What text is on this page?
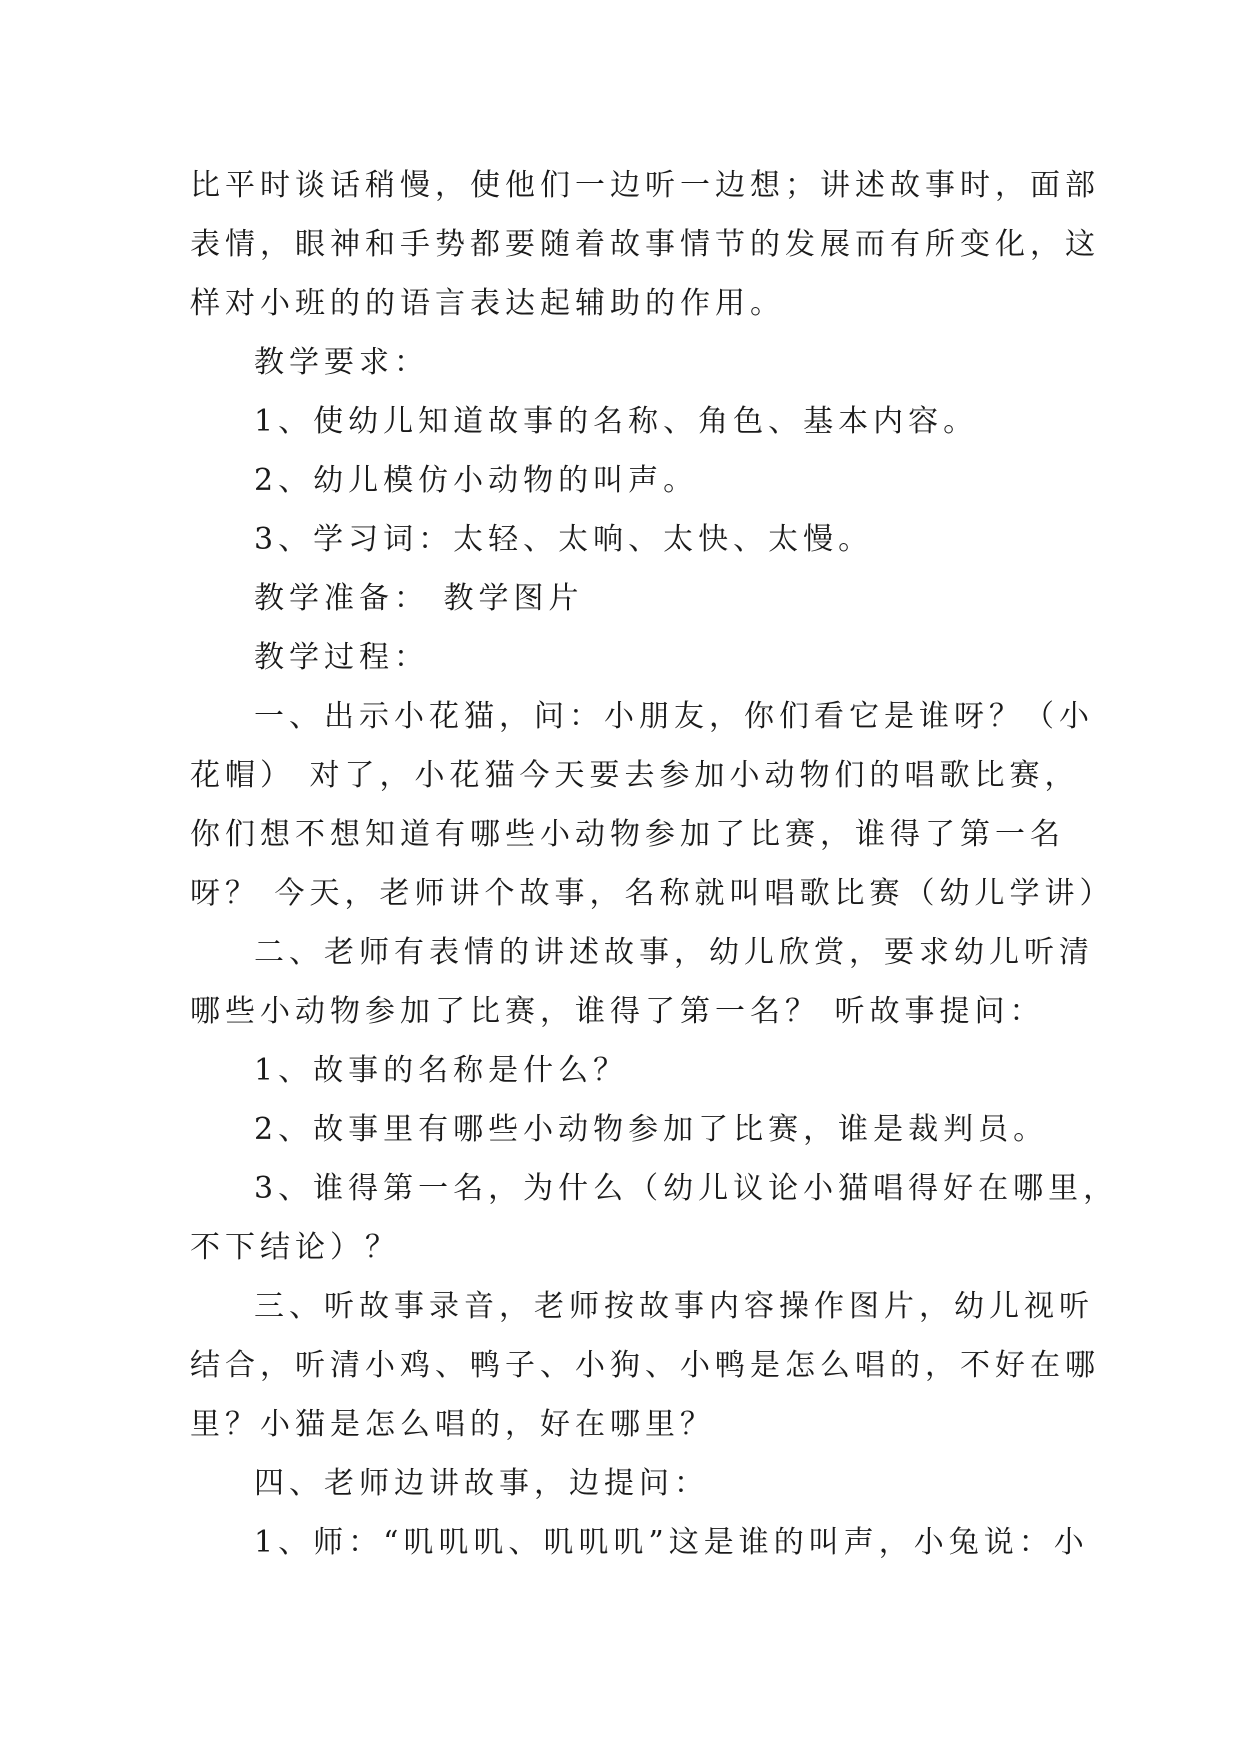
比平时谈话稍慢，使他们一边听一边想；讲述故事时，面部
表情，眼神和手势都要随着故事情节的发展而有所变化，这
样对小班的的语言表达起辅助的作用。
教学要求：
1、使幼儿知道故事的名称、角色、基本内容。
2、幼儿模仿小动物的叫声。
3、学习词：太轻、太响、太快、太慢。
教学准备： 教学图片
教学过程：
一、出示小花猫，问：小朋友，你们看它是谁呀？（小
花帽） 对了，小花猫今天要去参加小动物们的唱歌比赛，
你们想不想知道有哪些小动物参加了比赛，谁得了第一名
呀？ 今天，老师讲个故事，名称就叫唱歌比赛（幼儿学讲）
二、老师有表情的讲述故事，幼儿欣赏，要求幼儿听清
哪些小动物参加了比赛，谁得了第一名？ 听故事提问：
1、故事的名称是什么？
2、故事里有哪些小动物参加了比赛，谁是裁判员。
3、谁得第一名，为什么（幼儿议论小猫唱得好在哪里，
不下结论）？
三、听故事录音，老师按故事内容操作图片，幼儿视听
结合，听清小鸡、鸭子、小狗、小鸭是怎么唱的，不好在哪
里？小猫是怎么唱的，好在哪里？
四、老师边讲故事，边提问：
1、师：“叽叽叽、叽叽叽”这是谁的叫声，小兔说：小
